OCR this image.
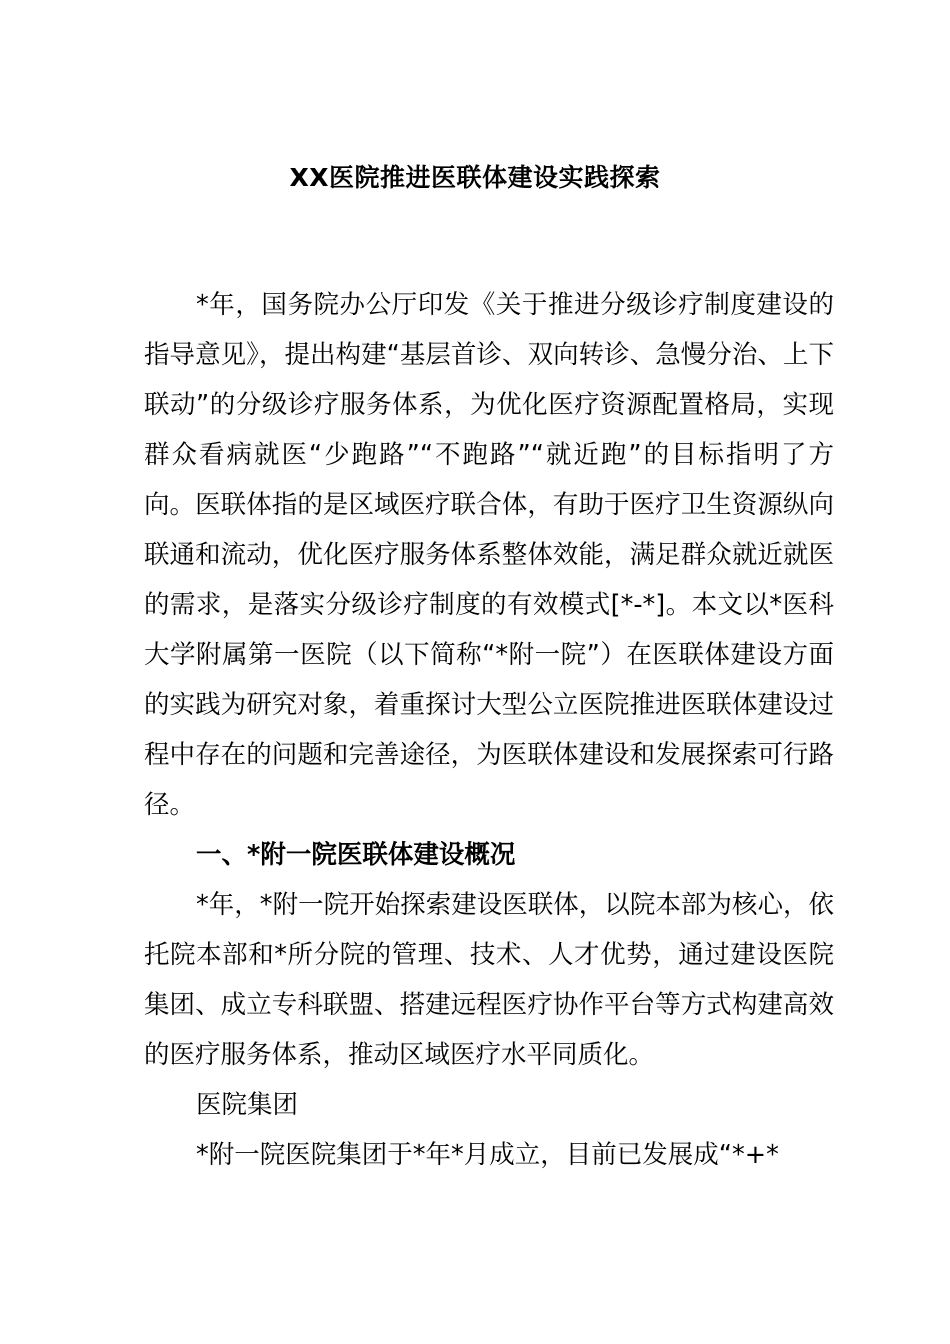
XX医院推进医联体建设实践探索

*年，国务院办公厅印发《关于推进分级诊疗制度建设的指导意见》，提出构建“基层首诊、双向转诊、急慢分治、上下联动”的分级诊疗服务体系，为优化医疗资源配置格局，实现群众看病就医“少跑路”“不跑路”“就近跑”的目标指明了方向。医联体指的是区域医疗联合体，有助于医疗卫生资源纵向联通和流动，优化医疗服务体系整体效能，满足群众就近就医的需求，是落实分级诊疗制度的有效模式[*-*]。本文以*医科大学附属第一医院（以下简称“*附一院”）在医联体建设方面的实践为研究对象，着重探讨大型公立医院推进医联体建设过程中存在的问题和完善途径，为医联体建设和发展探索可行路径。

一、*附一院医联体建设概况

*年，*附一院开始探索建设医联体，以院本部为核心，依托院本部和*所分院的管理、技术、人才优势，通过建设医院集团、成立专科联盟、搭建远程医疗协作平台等方式构建高效的医疗服务体系，推动区域医疗水平同质化。

医院集团

*附一院医院集团于*年*月成立，目前已发展成“*+*
